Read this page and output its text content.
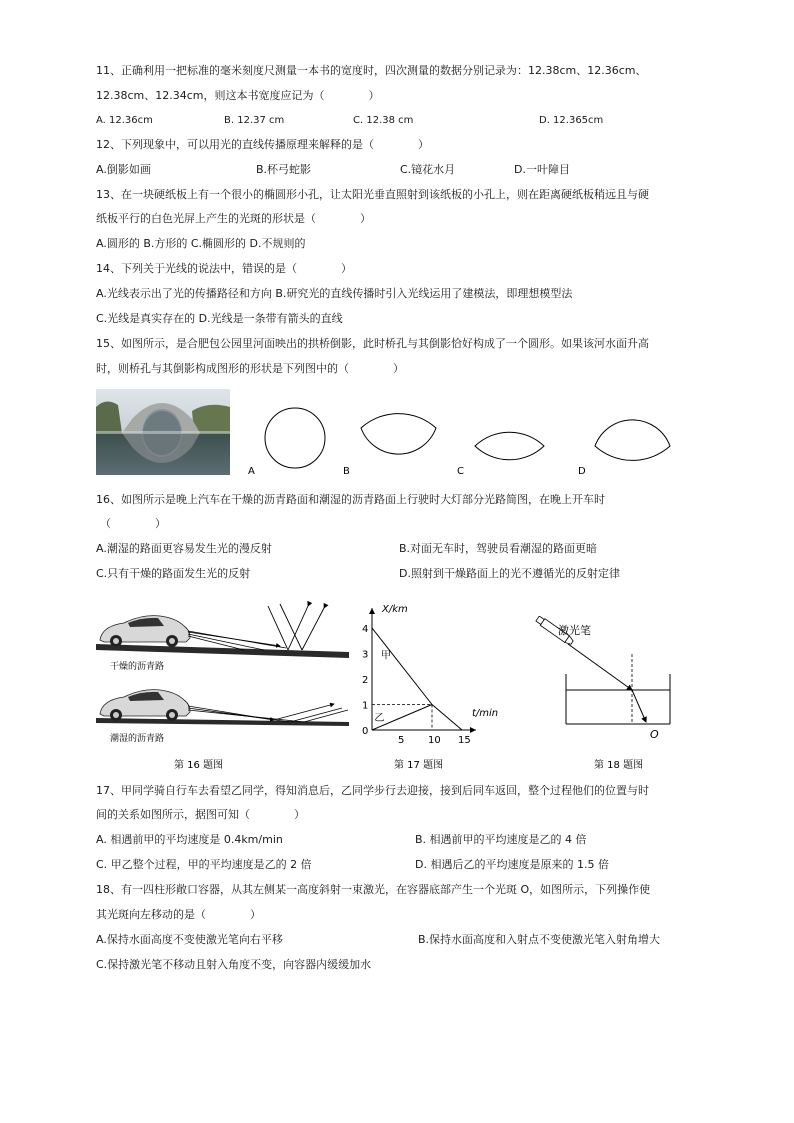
11、正确利用一把标准的毫米刻度尺测量一本书的宽度时，四次测量的数据分别记录为：12.38cm、12.36cm、
12.38cm、12.34cm，则这本书宽度应记为（　　　　）
A. 12.36cm	B. 12.37 cm	C. 12.38 cm	D. 12.365cm
12、下列现象中，可以用光的直线传播原理来解释的是（　　　　）
A.倒影如画	B.杯弓蛇影	C.镜花水月	D.一叶障目
13、在一块硬纸板上有一个很小的椭圆形小孔，让太阳光垂直照射到该纸板的小孔上，则在距离硬纸板稍远且与硬
纸板平行的白色光屏上产生的光斑的形状是（　　　　）
A.圆形的 B.方形的 C.椭圆形的 D.不规则的
14、下列关于光线的说法中，错误的是（　　　　）
A.光线表示出了光的传播路径和方向 B.研究光的直线传播时引入光线运用了建模法，即理想模型法
C.光线是真实存在的 D.光线是一条带有箭头的直线
15、如图所示，是合肥包公园里河面映出的拱桥倒影，此时桥孔与其倒影恰好构成了一个圆形。如果该河水面升高
时，则桥孔与其倒影构成图形的形状是下列图中的（　　　　）
A	B	C	D
16、如图所示是晚上汽车在干燥的沥青路面和潮湿的沥青路面上行驶时大灯部分光路简图，在晚上开车时
（　　　　）
A.潮湿的路面更容易发生光的漫反射	B.对面无车时，驾驶员看潮湿的路面更暗
C.只有干燥的路面发生光的反射	D.照射到干燥路面上的光不遵循光的反射定律
干燥的沥青路
潮湿的沥青路
第 16 题图	第 17 题图
X/km
t/min
0
5 10 15
1
2
3
4
甲
乙
激光笔
O
第 18 题图
17、甲同学骑自行车去看望乙同学，得知消息后，乙同学步行去迎接，接到后同车返回，整个过程他们的位置与时
间的关系如图所示，据图可知（　　　　）
A. 相遇前甲的平均速度是 0.4km/min	B. 相遇前甲的平均速度是乙的 4 倍
C. 甲乙整个过程，甲的平均速度是乙的 2 倍	D. 相遇后乙的平均速度是原来的 1.5 倍
18、有一四柱形敞口容器，从其左侧某一高度斜射一束激光，在容器底部产生一个光斑 O，如图所示，下列操作使
其光斑向左移动的是（　　　　）
A.保持水面高度不变使激光笔向右平移	B.保持水面高度和入射点不变使激光笔入射角增大
C.保持激光笔不移动且射入角度不变，向容器内缓缓加水
